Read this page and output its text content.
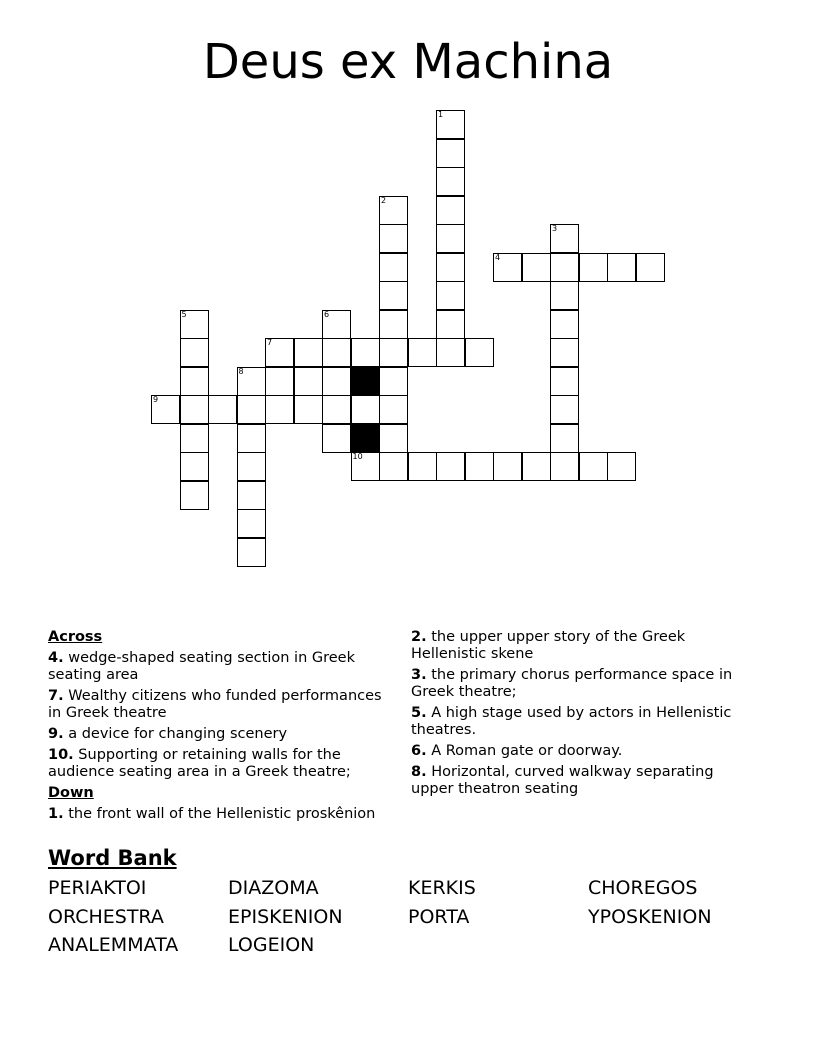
Deus ex Machina
1
2
3
4
5	6
7
8
9
10
Across
4. wedge-shaped seating section in Greek seating area
7. Wealthy citizens who funded performances in Greek theatre
9. a device for changing scenery
10. Supporting or retaining walls for the audience seating area in a Greek theatre;
Down
1. the front wall of the Hellenistic proskênion
2. the upper upper story of the Greek Hellenistic skene
3. the primary chorus performance space in Greek theatre;
5. A high stage used by actors in Hellenistic theatres.
6. A Roman gate or doorway.
8. Horizontal, curved walkway separating upper theatron seating
Word Bank
PERIAKTOI	DIAZOMA	KERKIS	CHOREGOS
ORCHESTRA	EPISKENION	PORTA	YPOSKENION
ANALEMMATA	LOGEION
